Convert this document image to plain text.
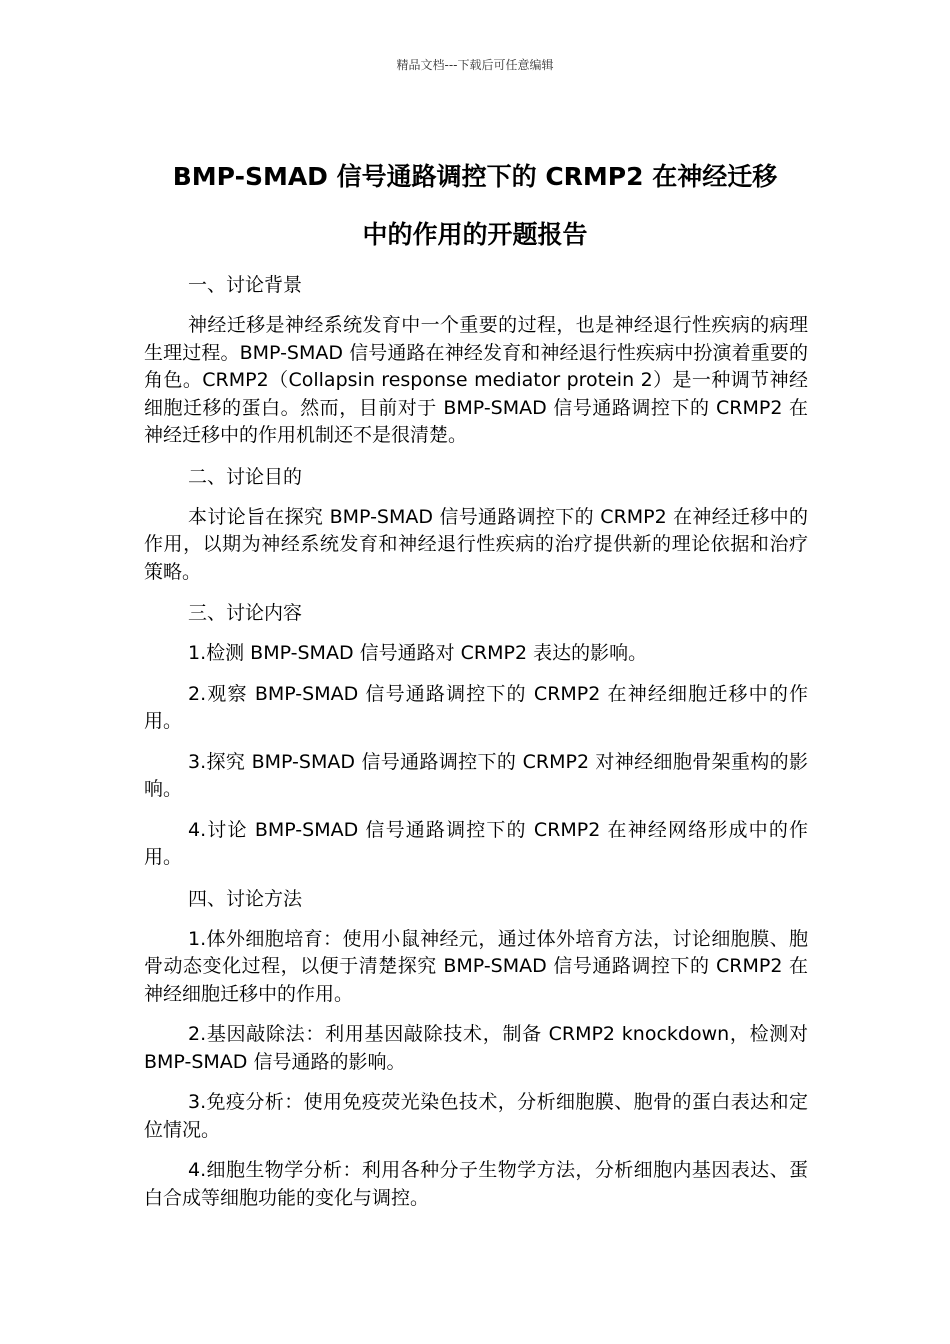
精品文档---下载后可任意编辑
BMP-SMAD 信号通路调控下的 CRMP2 在神经迁移
中的作用的开题报告
一、讨论背景

神经迁移是神经系统发育中一个重要的过程，也是神经退行性疾病的病理生理过程。BMP-SMAD 信号通路在神经发育和神经退行性疾病中扮演着重要的角色。CRMP2（Collapsin response mediator protein 2）是一种调节神经细胞迁移的蛋白。然而，目前对于 BMP-SMAD 信号通路调控下的 CRMP2 在神经迁移中的作用机制还不是很清楚。

二、讨论目的

本讨论旨在探究 BMP-SMAD 信号通路调控下的 CRMP2 在神经迁移中的作用，以期为神经系统发育和神经退行性疾病的治疗提供新的理论依据和治疗策略。

三、讨论内容

1.检测 BMP-SMAD 信号通路对 CRMP2 表达的影响。

2.观察 BMP-SMAD 信号通路调控下的 CRMP2 在神经细胞迁移中的作用。

3.探究 BMP-SMAD 信号通路调控下的 CRMP2 对神经细胞骨架重构的影响。

4.讨论 BMP-SMAD 信号通路调控下的 CRMP2 在神经网络形成中的作用。

四、讨论方法

1.体外细胞培育：使用小鼠神经元，通过体外培育方法，讨论细胞膜、胞骨动态变化过程，以便于清楚探究 BMP-SMAD 信号通路调控下的 CRMP2 在神经细胞迁移中的作用。

2.基因敲除法：利用基因敲除技术，制备 CRMP2 knockdown，检测对 BMP-SMAD 信号通路的影响。

3.免疫分析：使用免疫荧光染色技术，分析细胞膜、胞骨的蛋白表达和定位情况。

4.细胞生物学分析：利用各种分子生物学方法，分析细胞内基因表达、蛋白合成等细胞功能的变化与调控。
